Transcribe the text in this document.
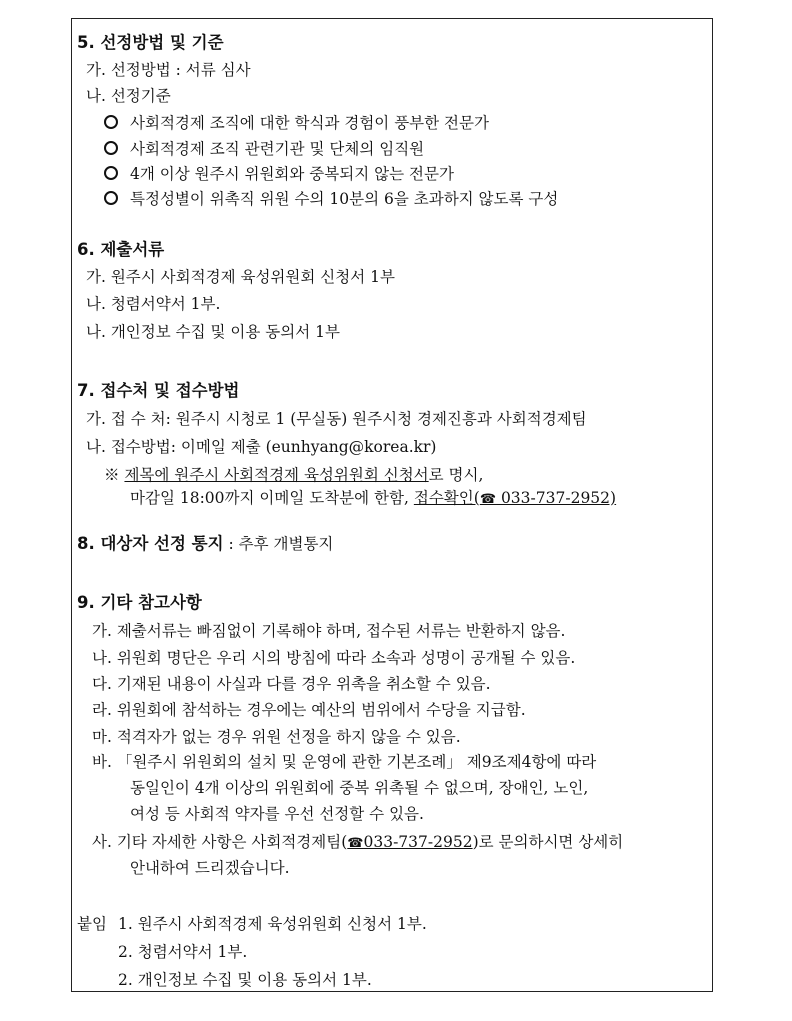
5. 선정방법 및 기준
가. 선정방법 : 서류 심사
나. 선정기준
사회적경제 조직에 대한 학식과 경험이 풍부한 전문가
사회적경제 조직 관련기관 및 단체의 임직원
4개 이상 원주시 위원회와 중복되지 않는 전문가
특정성별이 위촉직 위원 수의 10분의 6을 초과하지 않도록 구성
6. 제출서류
가. 원주시 사회적경제 육성위원회 신청서 1부
나. 청렴서약서 1부.
나. 개인정보 수집 및 이용 동의서 1부
7. 접수처 및 접수방법
가. 접 수 처: 원주시 시청로 1 (무실동) 원주시청 경제진흥과 사회적경제팀
나. 접수방법: 이메일 제출 (eunhyang@korea.kr)
※ 제목에 원주시 사회적경제 육성위원회 신청서로 명시,
마감일 18:00까지 이메일 도착분에 한함, 접수확인(☎ 033-737-2952)
8. 대상자 선정 통지 : 추후 개별통지
9. 기타 참고사항
가. 제출서류는 빠짐없이 기록해야 하며, 접수된 서류는 반환하지 않음.
나. 위원회 명단은 우리 시의 방침에 따라 소속과 성명이 공개될 수 있음.
다. 기재된 내용이 사실과 다를 경우 위촉을 취소할 수 있음.
라. 위원회에 참석하는 경우에는 예산의 범위에서 수당을 지급함.
마. 적격자가 없는 경우 위원 선정을 하지 않을 수 있음.
바. 「원주시 위원회의 설치 및 운영에 관한 기본조례」 제9조제4항에 따라
동일인이 4개 이상의 위원회에 중복 위촉될 수 없으며, 장애인, 노인,
여성 등 사회적 약자를 우선 선정할 수 있음.
사. 기타 자세한 사항은 사회적경제팀(☎033-737-2952)로 문의하시면 상세히
안내하여 드리겠습니다.
붙임 1. 원주시 사회적경제 육성위원회 신청서 1부.
2. 청렴서약서 1부.
2. 개인정보 수집 및 이용 동의서 1부.
